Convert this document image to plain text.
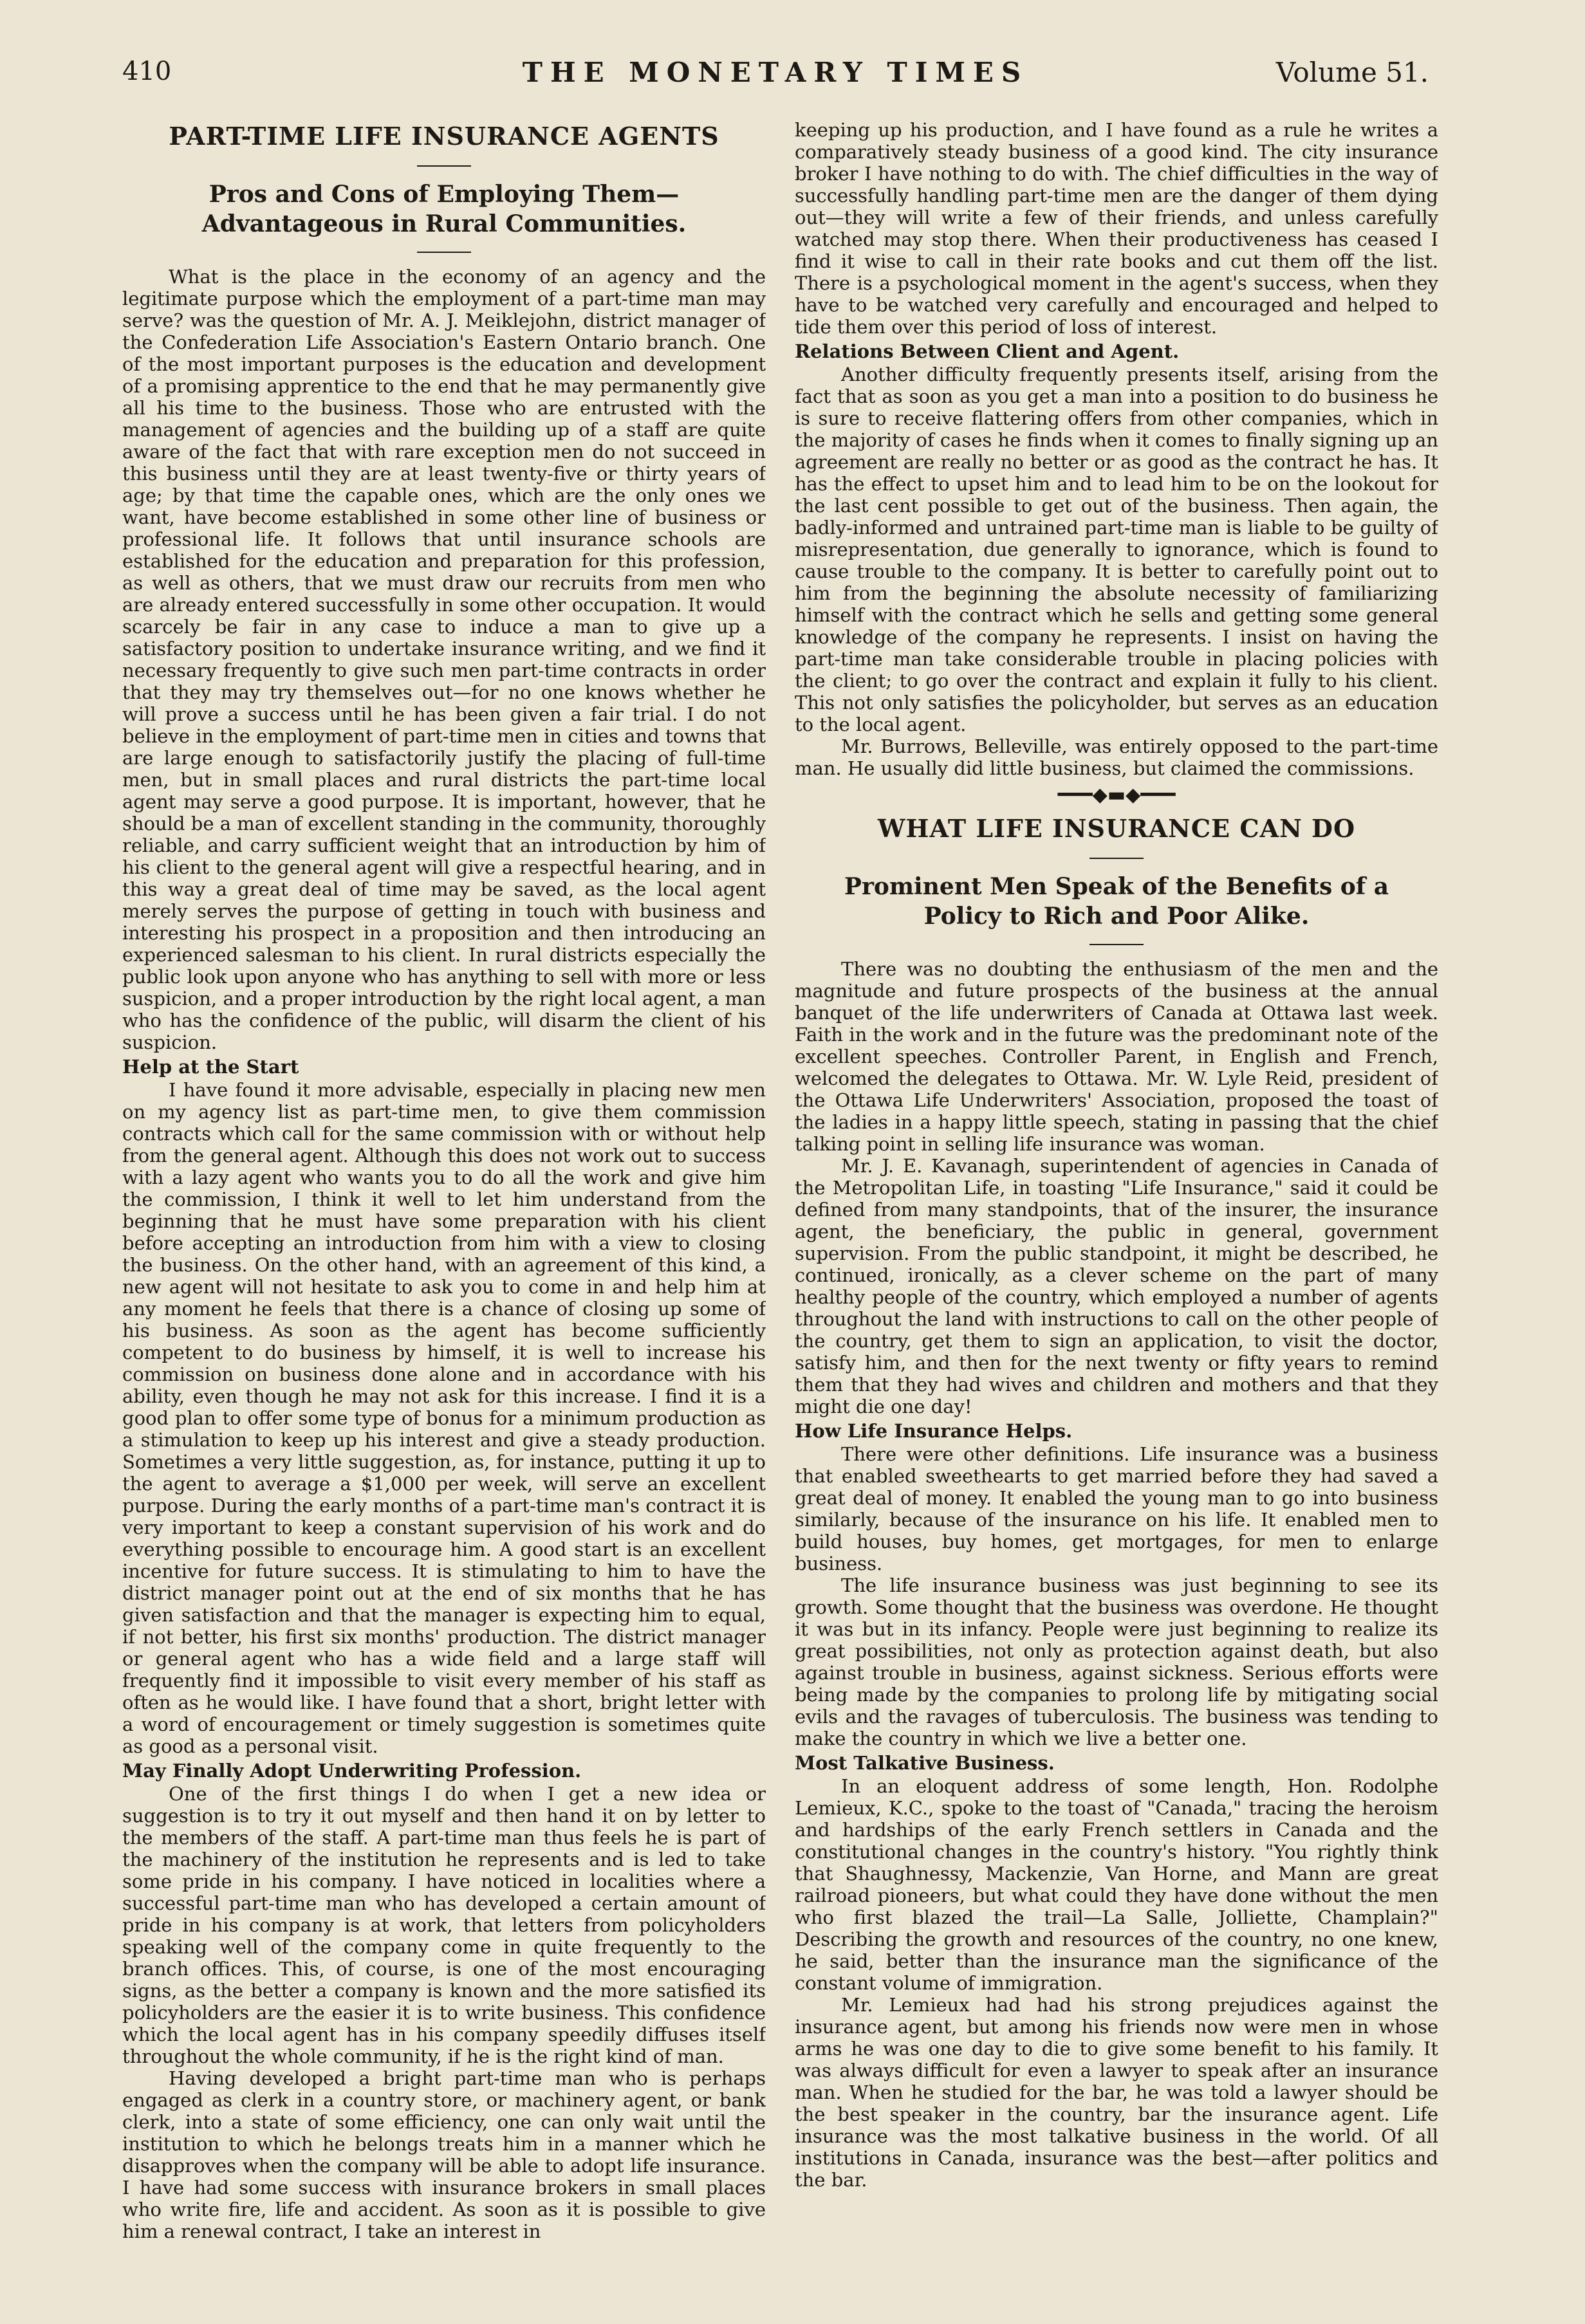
410	THE MONETARY TIMES	Volume 51.
PART-TIME LIFE INSURANCE AGENTS
Pros and Cons of Employing Them—Advantageous in Rural Communities.

What is the place in the economy of an agency and the legitimate purpose which the employment of a part-time man may serve? was the question of Mr. A. J. Meiklejohn, district manager of the Confederation Life Association's Eastern Ontario branch. One of the most important purposes is the education and development of a promising apprentice to the end that he may permanently give all his time to the business. Those who are entrusted with the management of agencies and the building up of a staff are quite aware of the fact that with rare exception men do not succeed in this business until they are at least twenty-five or thirty years of age; by that time the capable ones, which are the only ones we want, have become established in some other line of business or professional life. It follows that until insurance schools are established for the education and preparation for this profession, as well as others, that we must draw our recruits from men who are already entered successfully in some other occupation. It would scarcely be fair in any case to induce a man to give up a satisfactory position to undertake insurance writing, and we find it necessary frequently to give such men part-time contracts in order that they may try themselves out—for no one knows whether he will prove a success until he has been given a fair trial. I do not believe in the employment of part-time men in cities and towns that are large enough to satisfactorily justify the placing of full-time men, but in small places and rural districts the part-time local agent may serve a good purpose. It is important, however, that he should be a man of excellent standing in the community, thoroughly reliable, and carry sufficient weight that an introduction by him of his client to the general agent will give a respectful hearing, and in this way a great deal of time may be saved, as the local agent merely serves the purpose of getting in touch with business and interesting his prospect in a proposition and then introducing an experienced salesman to his client. In rural districts especially the public look upon anyone who has anything to sell with more or less suspicion, and a proper introduction by the right local agent, a man who has the confidence of the public, will disarm the client of his suspicion.

Help at the Start

I have found it more advisable, especially in placing new men on my agency list as part-time men, to give them commission contracts which call for the same commission with or without help from the general agent. Although this does not work out to success with a lazy agent who wants you to do all the work and give him the commission, I think it well to let him understand from the beginning that he must have some preparation with his client before accepting an introduction from him with a view to closing the business. On the other hand, with an agreement of this kind, a new agent will not hesitate to ask you to come in and help him at any moment he feels that there is a chance of closing up some of his business. As soon as the agent has become sufficiently competent to do business by himself, it is well to increase his commission on business done alone and in accordance with his ability, even though he may not ask for this increase. I find it is a good plan to offer some type of bonus for a minimum production as a stimulation to keep up his interest and give a steady production. Sometimes a very little suggestion, as, for instance, putting it up to the agent to average a $1,000 per week, will serve an excellent purpose. During the early months of a part-time man's contract it is very important to keep a constant supervision of his work and do everything possible to encourage him. A good start is an excellent incentive for future success. It is stimulating to him to have the district manager point out at the end of six months that he has given satisfaction and that the manager is expecting him to equal, if not better, his first six months' production. The district manager or general agent who has a wide field and a large staff will frequently find it impossible to visit every member of his staff as often as he would like. I have found that a short, bright letter with a word of encouragement or timely suggestion is sometimes quite as good as a personal visit.

May Finally Adopt Underwriting Profession.

One of the first things I do when I get a new idea or suggestion is to try it out myself and then hand it on by letter to the members of the staff. A part-time man thus feels he is part of the machinery of the institution he represents and is led to take some pride in his company. I have noticed in localities where a successful part-time man who has developed a certain amount of pride in his company is at work, that letters from policyholders speaking well of the company come in quite frequently to the branch offices. This, of course, is one of the most encouraging signs, as the better a company is known and the more satisfied its policyholders are the easier it is to write business. This confidence which the local agent has in his company speedily diffuses itself throughout the whole community, if he is the right kind of man.

Having developed a bright part-time man who is perhaps engaged as clerk in a country store, or machinery agent, or bank clerk, into a state of some efficiency, one can only wait until the institution to which he belongs treats him in a manner which he disapproves when the company will be able to adopt life insurance. I have had some success with insurance brokers in small places who write fire, life and accident. As soon as it is possible to give him a renewal contract, I take an interest in

keeping up his production, and I have found as a rule he writes a comparatively steady business of a good kind. The city insurance broker I have nothing to do with. The chief difficulties in the way of successfully handling part-time men are the danger of them dying out—they will write a few of their friends, and unless carefully watched may stop there. When their productiveness has ceased I find it wise to call in their rate books and cut them off the list. There is a psychological moment in the agent's success, when they have to be watched very carefully and encouraged and helped to tide them over this period of loss of interest.

Relations Between Client and Agent.

Another difficulty frequently presents itself, arising from the fact that as soon as you get a man into a position to do business he is sure to receive flattering offers from other companies, which in the majority of cases he finds when it comes to finally signing up an agreement are really no better or as good as the contract he has. It has the effect to upset him and to lead him to be on the lookout for the last cent possible to get out of the business. Then again, the badly-informed and untrained part-time man is liable to be guilty of misrepresentation, due generally to ignorance, which is found to cause trouble to the company. It is better to carefully point out to him from the beginning the absolute necessity of familiarizing himself with the contract which he sells and getting some general knowledge of the company he represents. I insist on having the part-time man take considerable trouble in placing policies with the client; to go over the contract and explain it fully to his client. This not only satisfies the policyholder, but serves as an education to the local agent.

Mr. Burrows, Belleville, was entirely opposed to the part-time man. He usually did little business, but claimed the commissions.

━━━◆▬◆━━━
WHAT LIFE INSURANCE CAN DO
Prominent Men Speak of the Benefits of a Policy to Rich and Poor Alike.

There was no doubting the enthusiasm of the men and the magnitude and future prospects of the business at the annual banquet of the life underwriters of Canada at Ottawa last week. Faith in the work and in the future was the predominant note of the excellent speeches. Controller Parent, in English and French, welcomed the delegates to Ottawa. Mr. W. Lyle Reid, president of the Ottawa Life Underwriters' Association, proposed the toast of the ladies in a happy little speech, stating in passing that the chief talking point in selling life insurance was woman.

Mr. J. E. Kavanagh, superintendent of agencies in Canada of the Metropolitan Life, in toasting "Life Insurance," said it could be defined from many standpoints, that of the insurer, the insurance agent, the beneficiary, the public in general, government supervision. From the public standpoint, it might be described, he continued, ironically, as a clever scheme on the part of many healthy people of the country, which employed a number of agents throughout the land with instructions to call on the other people of the country, get them to sign an application, to visit the doctor, satisfy him, and then for the next twenty or fifty years to remind them that they had wives and children and mothers and that they might die one day!

How Life Insurance Helps.

There were other definitions. Life insurance was a business that enabled sweethearts to get married before they had saved a great deal of money. It enabled the young man to go into business similarly, because of the insurance on his life. It enabled men to build houses, buy homes, get mortgages, for men to enlarge business.

The life insurance business was just beginning to see its growth. Some thought that the business was overdone. He thought it was but in its infancy. People were just beginning to realize its great possibilities, not only as protection against death, but also against trouble in business, against sickness. Serious efforts were being made by the companies to prolong life by mitigating social evils and the ravages of tuberculosis. The business was tending to make the country in which we live a better one.

Most Talkative Business.

In an eloquent address of some length, Hon. Rodolphe Lemieux, K.C., spoke to the toast of "Canada," tracing the heroism and hardships of the early French settlers in Canada and the constitutional changes in the country's history. "You rightly think that Shaughnessy, Mackenzie, Van Horne, and Mann are great railroad pioneers, but what could they have done without the men who first blazed the trail—La Salle, Jolliette, Champlain?" Describing the growth and resources of the country, no one knew, he said, better than the insurance man the significance of the constant volume of immigration.

Mr. Lemieux had had his strong prejudices against the insurance agent, but among his friends now were men in whose arms he was one day to die to give some benefit to his family. It was always difficult for even a lawyer to speak after an insurance man. When he studied for the bar, he was told a lawyer should be the best speaker in the country, bar the insurance agent. Life insurance was the most talkative business in the world. Of all institutions in Canada, insurance was the best—after politics and the bar.
